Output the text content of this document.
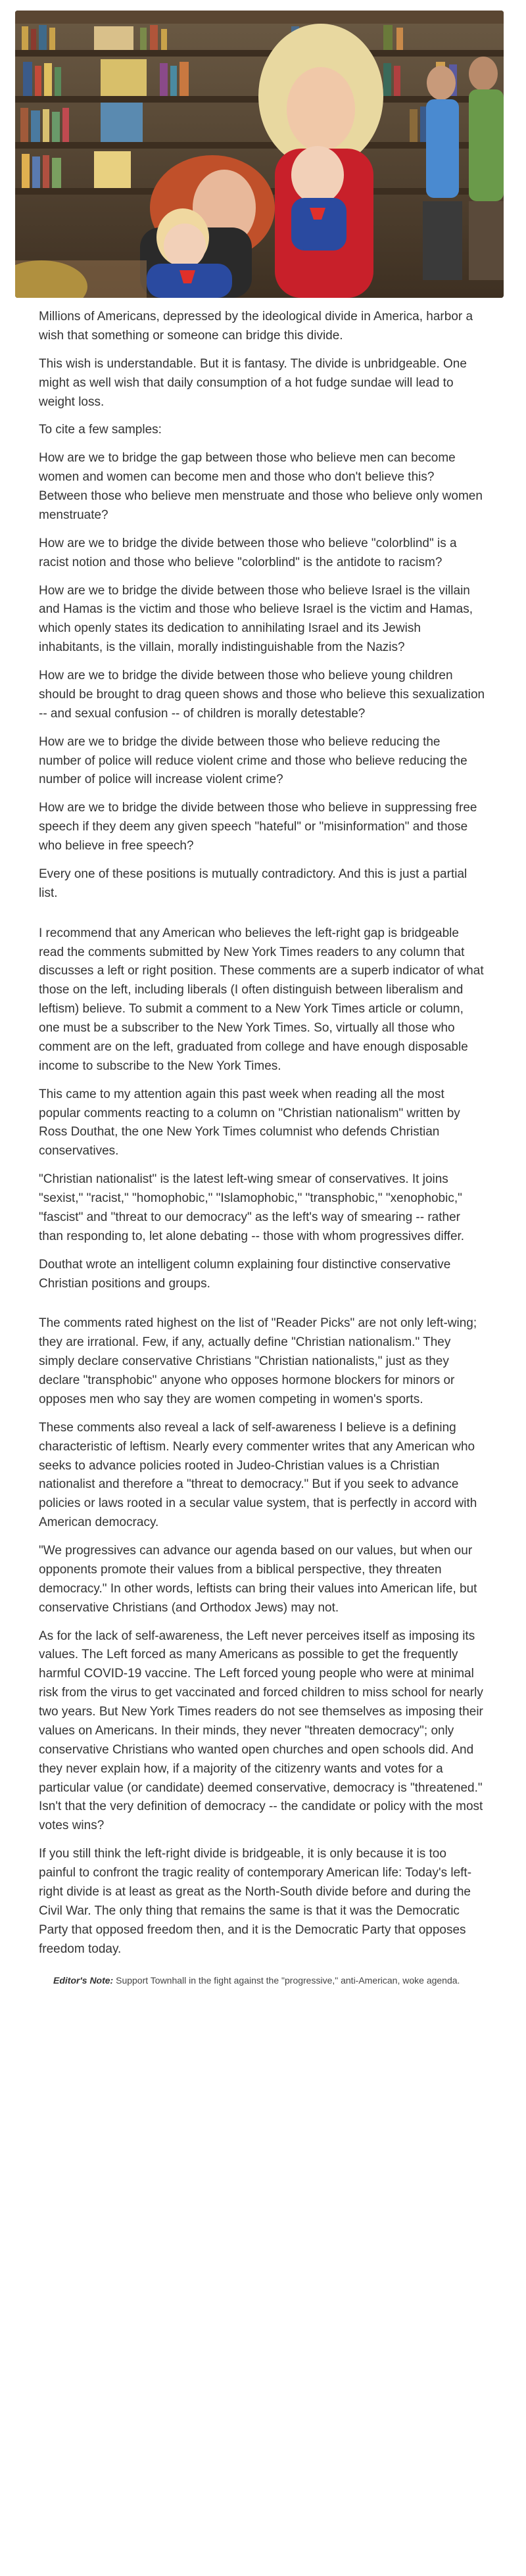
Millions of Americans, depressed by the ideological divide in America, harbor a wish that something or someone can bridge this divide.

This wish is understandable. But it is fantasy. The divide is unbridgeable. One might as well wish that daily consumption of a hot fudge sundae will lead to weight loss.

To cite a few samples:

How are we to bridge the gap between those who believe men can become women and women can become men and those who don't believe this? Between those who believe men menstruate and those who believe only women menstruate?

How are we to bridge the divide between those who believe "colorblind" is a racist notion and those who believe "colorblind" is the antidote to racism?

How are we to bridge the divide between those who believe Israel is the villain and Hamas is the victim and those who believe Israel is the victim and Hamas, which openly states its dedication to annihilating Israel and its Jewish inhabitants, is the villain, morally indistinguishable from the Nazis?

How are we to bridge the divide between those who believe young children should be brought to drag queen shows and those who believe this sexualization -- and sexual confusion -- of children is morally detestable?

How are we to bridge the divide between those who believe reducing the number of police will reduce violent crime and those who believe reducing the number of police will increase violent crime?

How are we to bridge the divide between those who believe in suppressing free speech if they deem any given speech "hateful" or "misinformation" and those who believe in free speech?

Every one of these positions is mutually contradictory. And this is just a partial list.

I recommend that any American who believes the left-right gap is bridgeable read the comments submitted by New York Times readers to any column that discusses a left or right position. These comments are a superb indicator of what those on the left, including liberals (I often distinguish between liberalism and leftism) believe. To submit a comment to a New York Times article or column, one must be a subscriber to the New York Times. So, virtually all those who comment are on the left, graduated from college and have enough disposable income to subscribe to the New York Times.

This came to my attention again this past week when reading all the most popular comments reacting to a column on "Christian nationalism" written by Ross Douthat, the one New York Times columnist who defends Christian conservatives.

"Christian nationalist" is the latest left-wing smear of conservatives. It joins "sexist," "racist," "homophobic," "Islamophobic," "transphobic," "xenophobic," "fascist" and "threat to our democracy" as the left's way of smearing -- rather than responding to, let alone debating -- those with whom progressives differ.

Douthat wrote an intelligent column explaining four distinctive conservative Christian positions and groups.

The comments rated highest on the list of "Reader Picks" are not only left-wing; they are irrational. Few, if any, actually define "Christian nationalism." They simply declare conservative Christians "Christian nationalists," just as they declare "transphobic" anyone who opposes hormone blockers for minors or opposes men who say they are women competing in women's sports.

These comments also reveal a lack of self-awareness I believe is a defining characteristic of leftism. Nearly every commenter writes that any American who seeks to advance policies rooted in Judeo-Christian values is a Christian nationalist and therefore a "threat to democracy." But if you seek to advance policies or laws rooted in a secular value system, that is perfectly in accord with American democracy.

"We progressives can advance our agenda based on our values, but when our opponents promote their values from a biblical perspective, they threaten democracy." In other words, leftists can bring their values into American life, but conservative Christians (and Orthodox Jews) may not.

As for the lack of self-awareness, the Left never perceives itself as imposing its values. The Left forced as many Americans as possible to get the frequently harmful COVID-19 vaccine. The Left forced young people who were at minimal risk from the virus to get vaccinated and forced children to miss school for nearly two years. But New York Times readers do not see themselves as imposing their values on Americans. In their minds, they never "threaten democracy"; only conservative Christians who wanted open churches and open schools did. And they never explain how, if a majority of the citizenry wants and votes for a particular value (or candidate) deemed conservative, democracy is "threatened." Isn't that the very definition of democracy -- the candidate or policy with the most votes wins?

If you still think the left-right divide is bridgeable, it is only because it is too painful to confront the tragic reality of contemporary American life: Today's left-right divide is at least as great as the North-South divide before and during the Civil War. The only thing that remains the same is that it was the Democratic Party that opposed freedom then, and it is the Democratic Party that opposes freedom today.

Editor's Note: Support Townhall in the fight against the "progressive," anti-American, woke agenda.
